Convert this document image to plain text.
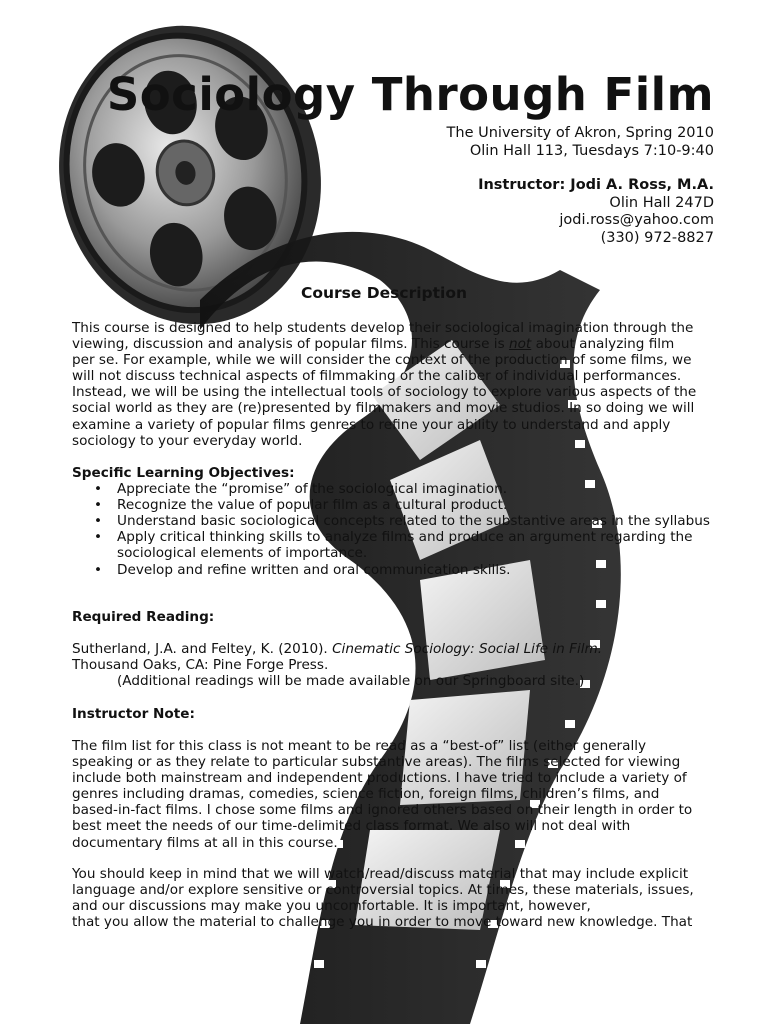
Sociology Through Film
The University of Akron, Spring 2010
Olin Hall 113, Tuesdays 7:10-9:40
Instructor: Jodi A. Ross, M.A.
Olin Hall 247D
jodi.ross@yahoo.com
(330) 972-8827
Course Description
This course is designed to help students develop their sociological imagination through the
viewing, discussion and analysis of popular films. This course is not about analyzing film
per se. For example, while we will consider the context of the production of some films, we
will not discuss technical aspects of filmmaking or the caliber of individual performances.
Instead, we will be using the intellectual tools of sociology to explore various aspects of the
social world as they are (re)presented by filmmakers and movie studios. In so doing we will
examine a variety of popular films genres to refine your ability to understand and apply
sociology to your everyday world.
Specific Learning Objectives:
• Appreciate the “promise” of the sociological imagination.
• Recognize the value of popular film as a cultural product.
• Understand basic sociological concepts related to the substantive areas in the syllabus
• Apply critical thinking skills to analyze films and produce an argument regarding the sociological elements of importance.
• Develop and refine written and oral communication skills.
Required Reading:
Sutherland, J.A. and Feltey, K. (2010). Cinematic Sociology: Social Life in Film.
Thousand Oaks, CA: Pine Forge Press.
(Additional readings will be made available on our Springboard site.)
Instructor Note:
The film list for this class is not meant to be read as a “best-of” list (either generally
speaking or as they relate to particular substantive areas). The films selected for viewing
include both mainstream and independent productions. I have tried to include a variety of
genres including dramas, comedies, science fiction, foreign films, children’s films, and
based-in-fact films. I chose some films and ignored others based on their length in order to
best meet the needs of our time-delimited class format. We also will not deal with
documentary films at all in this course.
You should keep in mind that we will watch/read/discuss material that may include explicit
language and/or explore sensitive or controversial topics. At times, these materials, issues,
and our discussions may make you uncomfortable. It is important, however,
that you allow the material to challenge you in order to move toward new knowledge. That
